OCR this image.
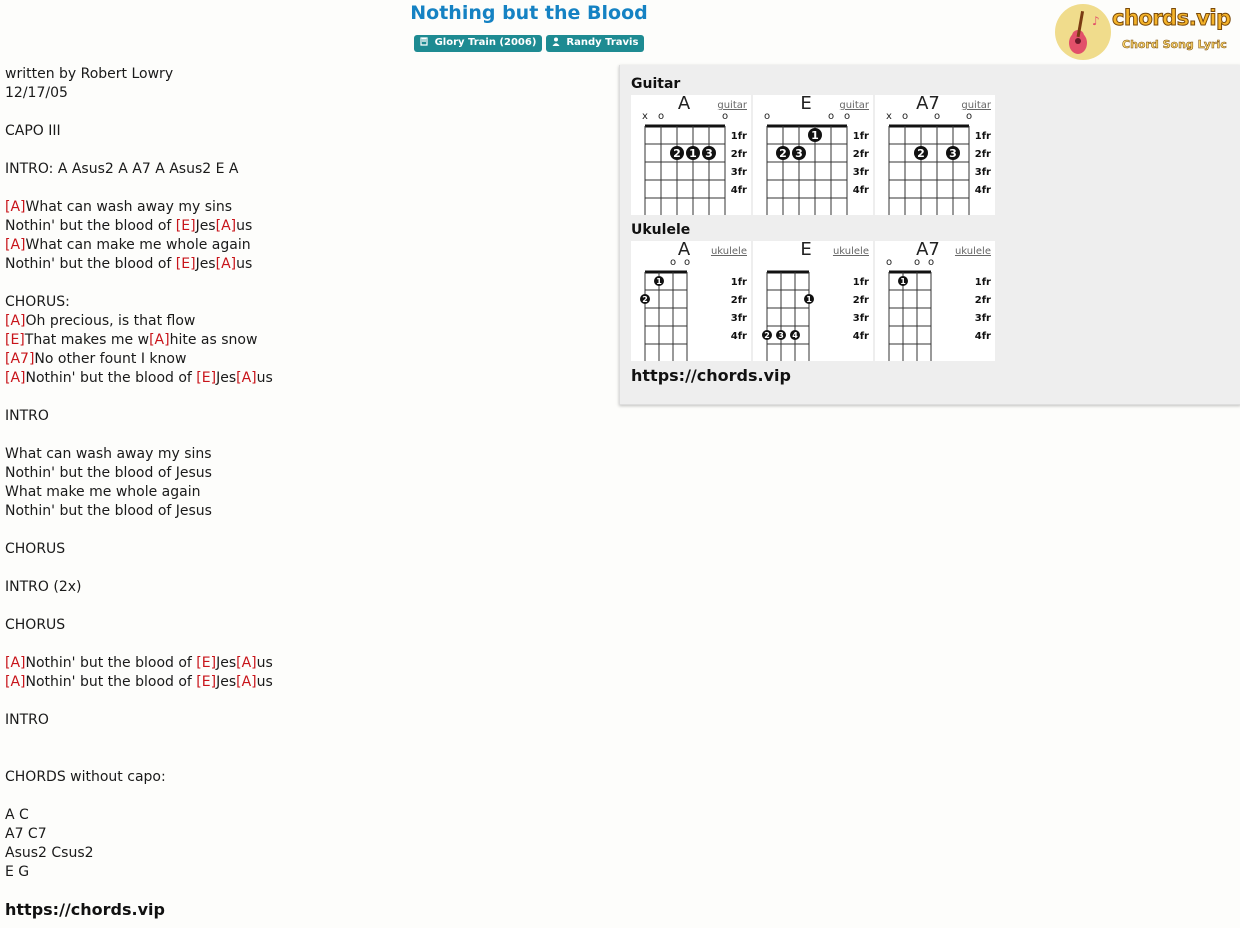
Nothing but the Blood
Glory Train (2006)	Randy Travis
♪ chords.vip
Chord Song Lyric
written by Robert Lowry
12/17/05
CAPO III
INTRO: A Asus2 A A7 A Asus2 E A
[A]What can wash away my sins
Nothin' but the blood of [E]Jes[A]us
[A]What can make me whole again
Nothin' but the blood of [E]Jes[A]us
CHORUS:
[A]Oh precious, is that flow
[E]That makes me w[A]hite as snow
[A7]No other fount I know
[A]Nothin' but the blood of [E]Jes[A]us
INTRO
What can wash away my sins
Nothin' but the blood of Jesus
What make me whole again
Nothin' but the blood of Jesus
CHORUS
INTRO (2x)
CHORUS
[A]Nothin' but the blood of [E]Jes[A]us
[A]Nothin' but the blood of [E]Jes[A]us
INTRO
CHORDS without capo:
A C
A7 C7
Asus2 Csus2
E G
https://chords.vip
Guitar
x o	o
1fr
2fr
3fr
4fr
2 1 3
A	guitar
o	o o
1fr
2fr
3fr
4fr
1
2 3
E	guitar
x o	o	o
1fr
2fr
3fr
4fr
2 3
A7	guitar
Ukulele
o o
1fr
2fr
3fr
4fr
1
2
A	ukulele
1fr
2fr
3fr
4fr
1
2 3 4
E	ukulele
o o o
1fr
2fr
3fr
4fr
1
A7	ukulele
https://chords.vip
